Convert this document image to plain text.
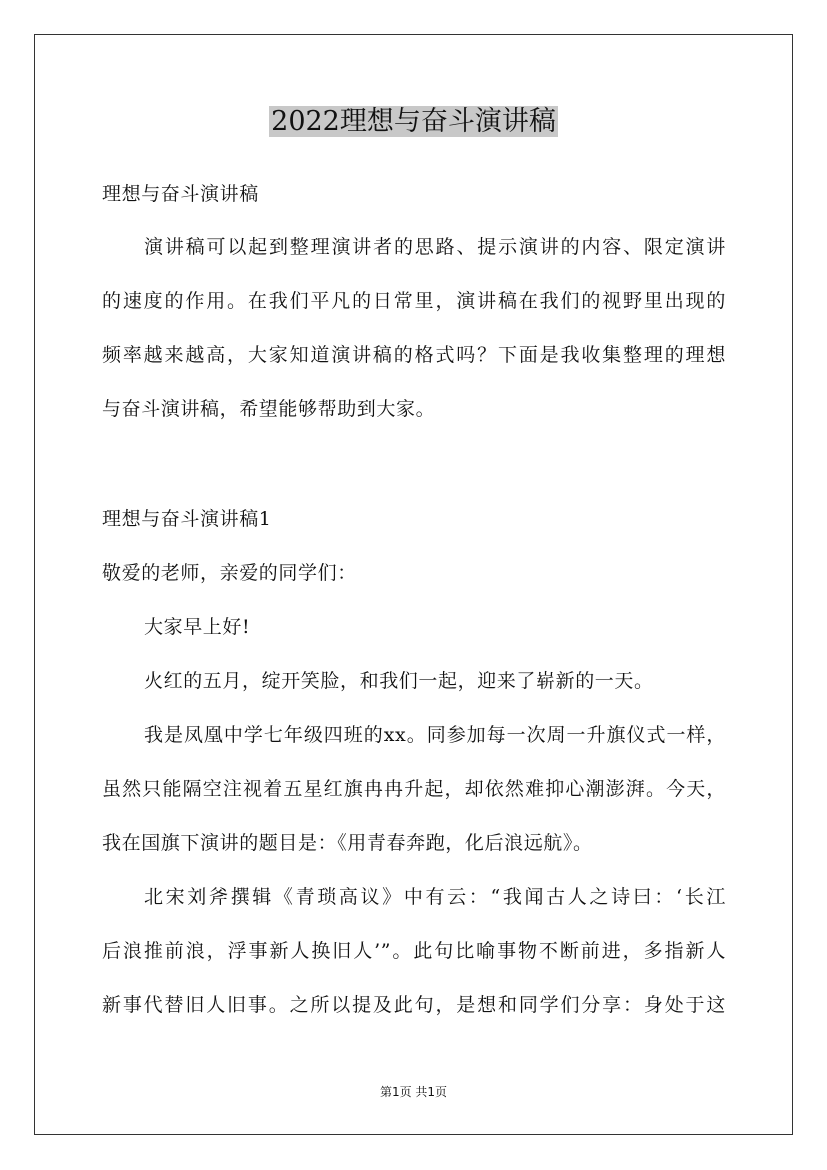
2022理想与奋斗演讲稿
理想与奋斗演讲稿
演讲稿可以起到整理演讲者的思路、提示演讲的内容、限定演讲
的速度的作用。在我们平凡的日常里，演讲稿在我们的视野里出现的
频率越来越高，大家知道演讲稿的格式吗？下面是我收集整理的理想
与奋斗演讲稿，希望能够帮助到大家。
理想与奋斗演讲稿1
敬爱的老师，亲爱的同学们：
大家早上好!
火红的五月，绽开笑脸，和我们一起，迎来了崭新的一天。
我是凤凰中学七年级四班的xx。同参加每一次周一升旗仪式一样，
虽然只能隔空注视着五星红旗冉冉升起，却依然难抑心潮澎湃。今天，
我在国旗下演讲的题目是：《用青春奔跑，化后浪远航》。
北宋刘斧撰辑《青琐高议》中有云：“我闻古人之诗曰：‘长江
后浪推前浪，浮事新人换旧人’”。此句比喻事物不断前进，多指新人
新事代替旧人旧事。之所以提及此句，是想和同学们分享：身处于这
第1页 共1页
